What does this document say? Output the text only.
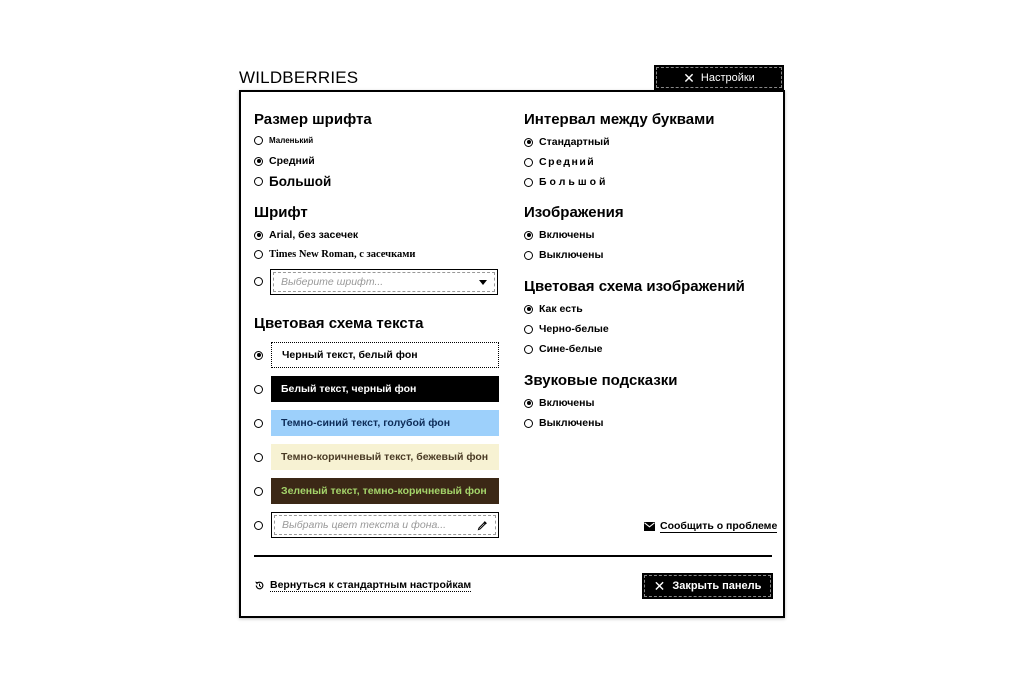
WILDBERRIES	✕ Настройки
Размер шрифта
Маленький
Средний
Большой
Шрифт
Arial, без засечек
Times New Roman, с засечками
Выберите шрифт...
Цветовая схема текста
Черный текст, белый фон
Белый текст, черный фон
Темно-синий текст, голубой фон
Темно-коричневый текст, бежевый фон
Зеленый текст, темно-коричневый фон
Выбрать цвет текста и фона...
Интервал между буквами
Стандартный
Средний
Большой
Изображения
Включены
Выключены
Цветовая схема изображений
Как есть
Черно-белые
Сине-белые
Звуковые подсказки
Включены
Выключены
Сообщить о проблеме
Вернуться к стандартным настройкам	✕ Закрыть панель
